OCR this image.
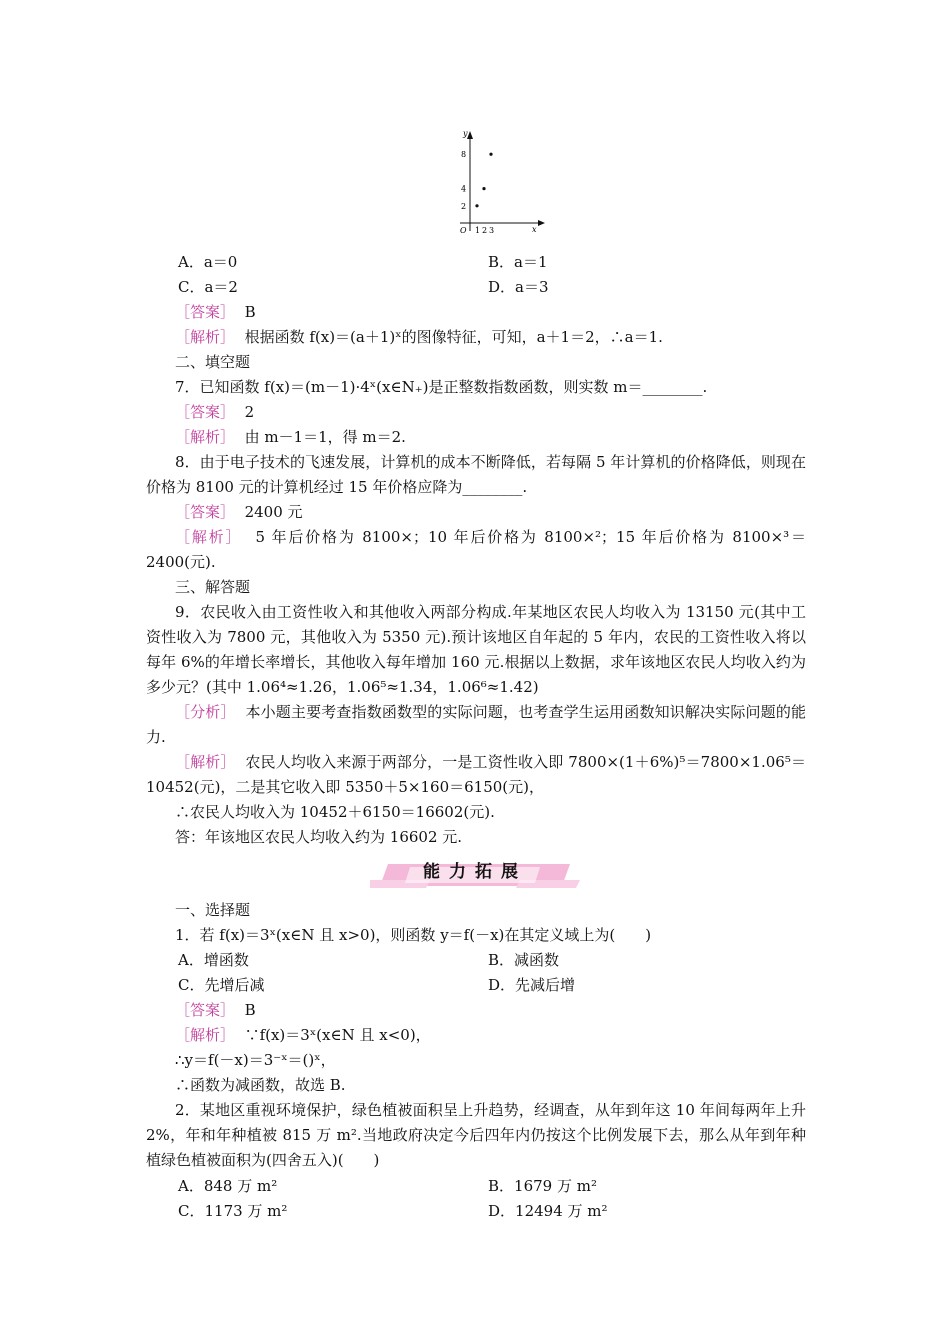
y
x
O 1 2 3
2
4
8
A．a＝0	B．a＝1
C．a＝2	D．a＝3
［答案］ B
［解析］ 根据函数 f(x)＝(a＋1)ˣ的图像特征，可知，a＋1＝2，∴a＝1.
二、填空题
7．已知函数 f(x)＝(m－1)·4ˣ(x∈N₊)是正整数指数函数，则实数 m＝________.
［答案］ 2
［解析］ 由 m－1＝1，得 m＝2.
8．由于电子技术的飞速发展，计算机的成本不断降低，若每隔 5 年计算机的价格降低，则现在价格为 8100 元的计算机经过 15 年价格应降为________.
［答案］ 2400 元
［解析］ 5 年后价格为 8100×；10 年后价格为 8100×²；15 年后价格为 8100×³＝2400(元).
三、解答题
9．农民收入由工资性收入和其他收入两部分构成.年某地区农民人均收入为 13150 元(其中工资性收入为 7800 元，其他收入为 5350 元).预计该地区自年起的 5 年内，农民的工资性收入将以每年 6%的年增长率增长，其他收入每年增加 160 元.根据以上数据，求年该地区农民人均收入约为多少元？(其中 1.06⁴≈1.26，1.06⁵≈1.34，1.06⁶≈1.42)
［分析］ 本小题主要考查指数函数型的实际问题，也考查学生运用函数知识解决实际问题的能力.
［解析］ 农民人均收入来源于两部分，一是工资性收入即 7800×(1＋6%)⁵＝7800×1.06⁵＝10452(元)，二是其它收入即 5350＋5×160＝6150(元)，
∴农民人均收入为 10452＋6150＝16602(元).
答：年该地区农民人均收入约为 16602 元.
能力拓展
一、选择题
1．若 f(x)＝3ˣ(x∈N 且 x>0)，则函数 y＝f(－x)在其定义域上为(　　)
A．增函数	B．减函数
C．先增后减	D．先减后增
［答案］ B
［解析］ ∵f(x)＝3ˣ(x∈N 且 x<0)，
∴y＝f(－x)＝3⁻ˣ＝()ˣ，
∴函数为减函数，故选 B.
2．某地区重视环境保护，绿色植被面积呈上升趋势，经调查，从年到年这 10 年间每两年上升 2%，年和年种植被 815 万 m².当地政府决定今后四年内仍按这个比例发展下去，那么从年到年种植绿色植被面积为(四舍五入)(　　)
A．848 万 m²	B．1679 万 m²
C．1173 万 m²	D．12494 万 m²
